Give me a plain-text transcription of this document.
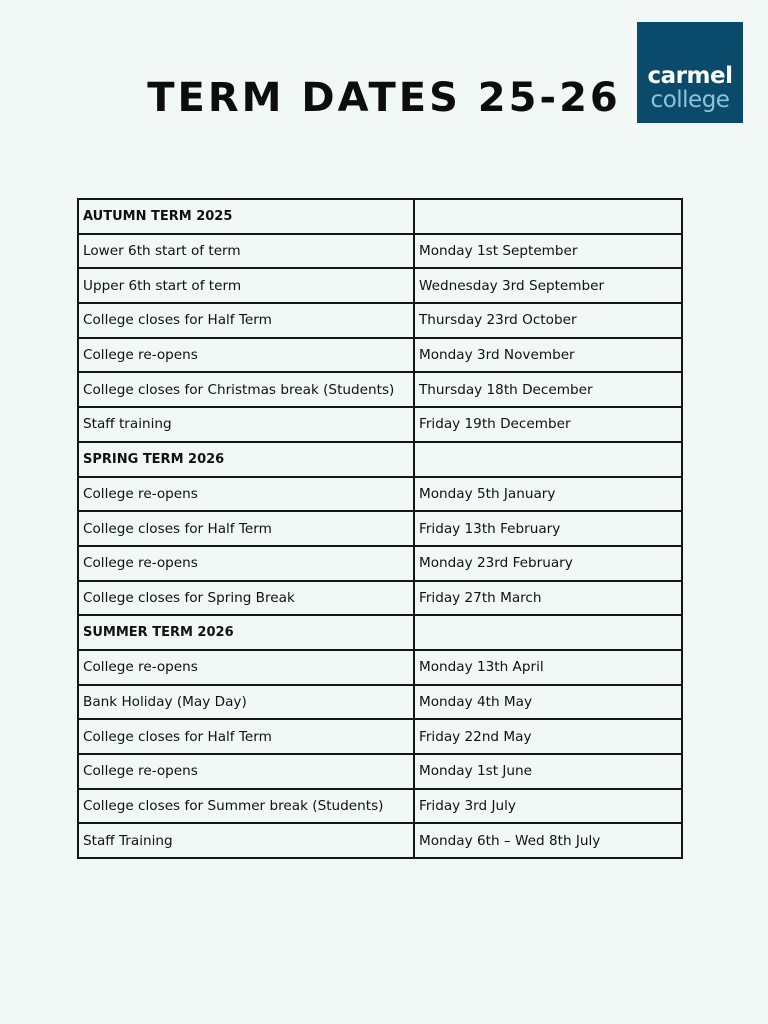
TERM DATES 25-26	carmel
college
AUTUMN TERM 2025	
Lower 6th start of term	Monday 1st September
Upper 6th start of term	Wednesday 3rd September
College closes for Half Term	Thursday 23rd October
College re-opens	Monday 3rd November
College closes for Christmas break (Students)	Thursday 18th December
Staff training	Friday 19th December
SPRING TERM 2026	
College re-opens	Monday 5th January
College closes for Half Term	Friday 13th February
College re-opens	Monday 23rd February
College closes for Spring Break	Friday 27th March
SUMMER TERM 2026	
College re-opens	Monday 13th April
Bank Holiday (May Day)	Monday 4th May
College closes for Half Term	Friday 22nd May
College re-opens	Monday 1st June
College closes for Summer break (Students)	Friday 3rd July
Staff Training	Monday 6th – Wed 8th July
